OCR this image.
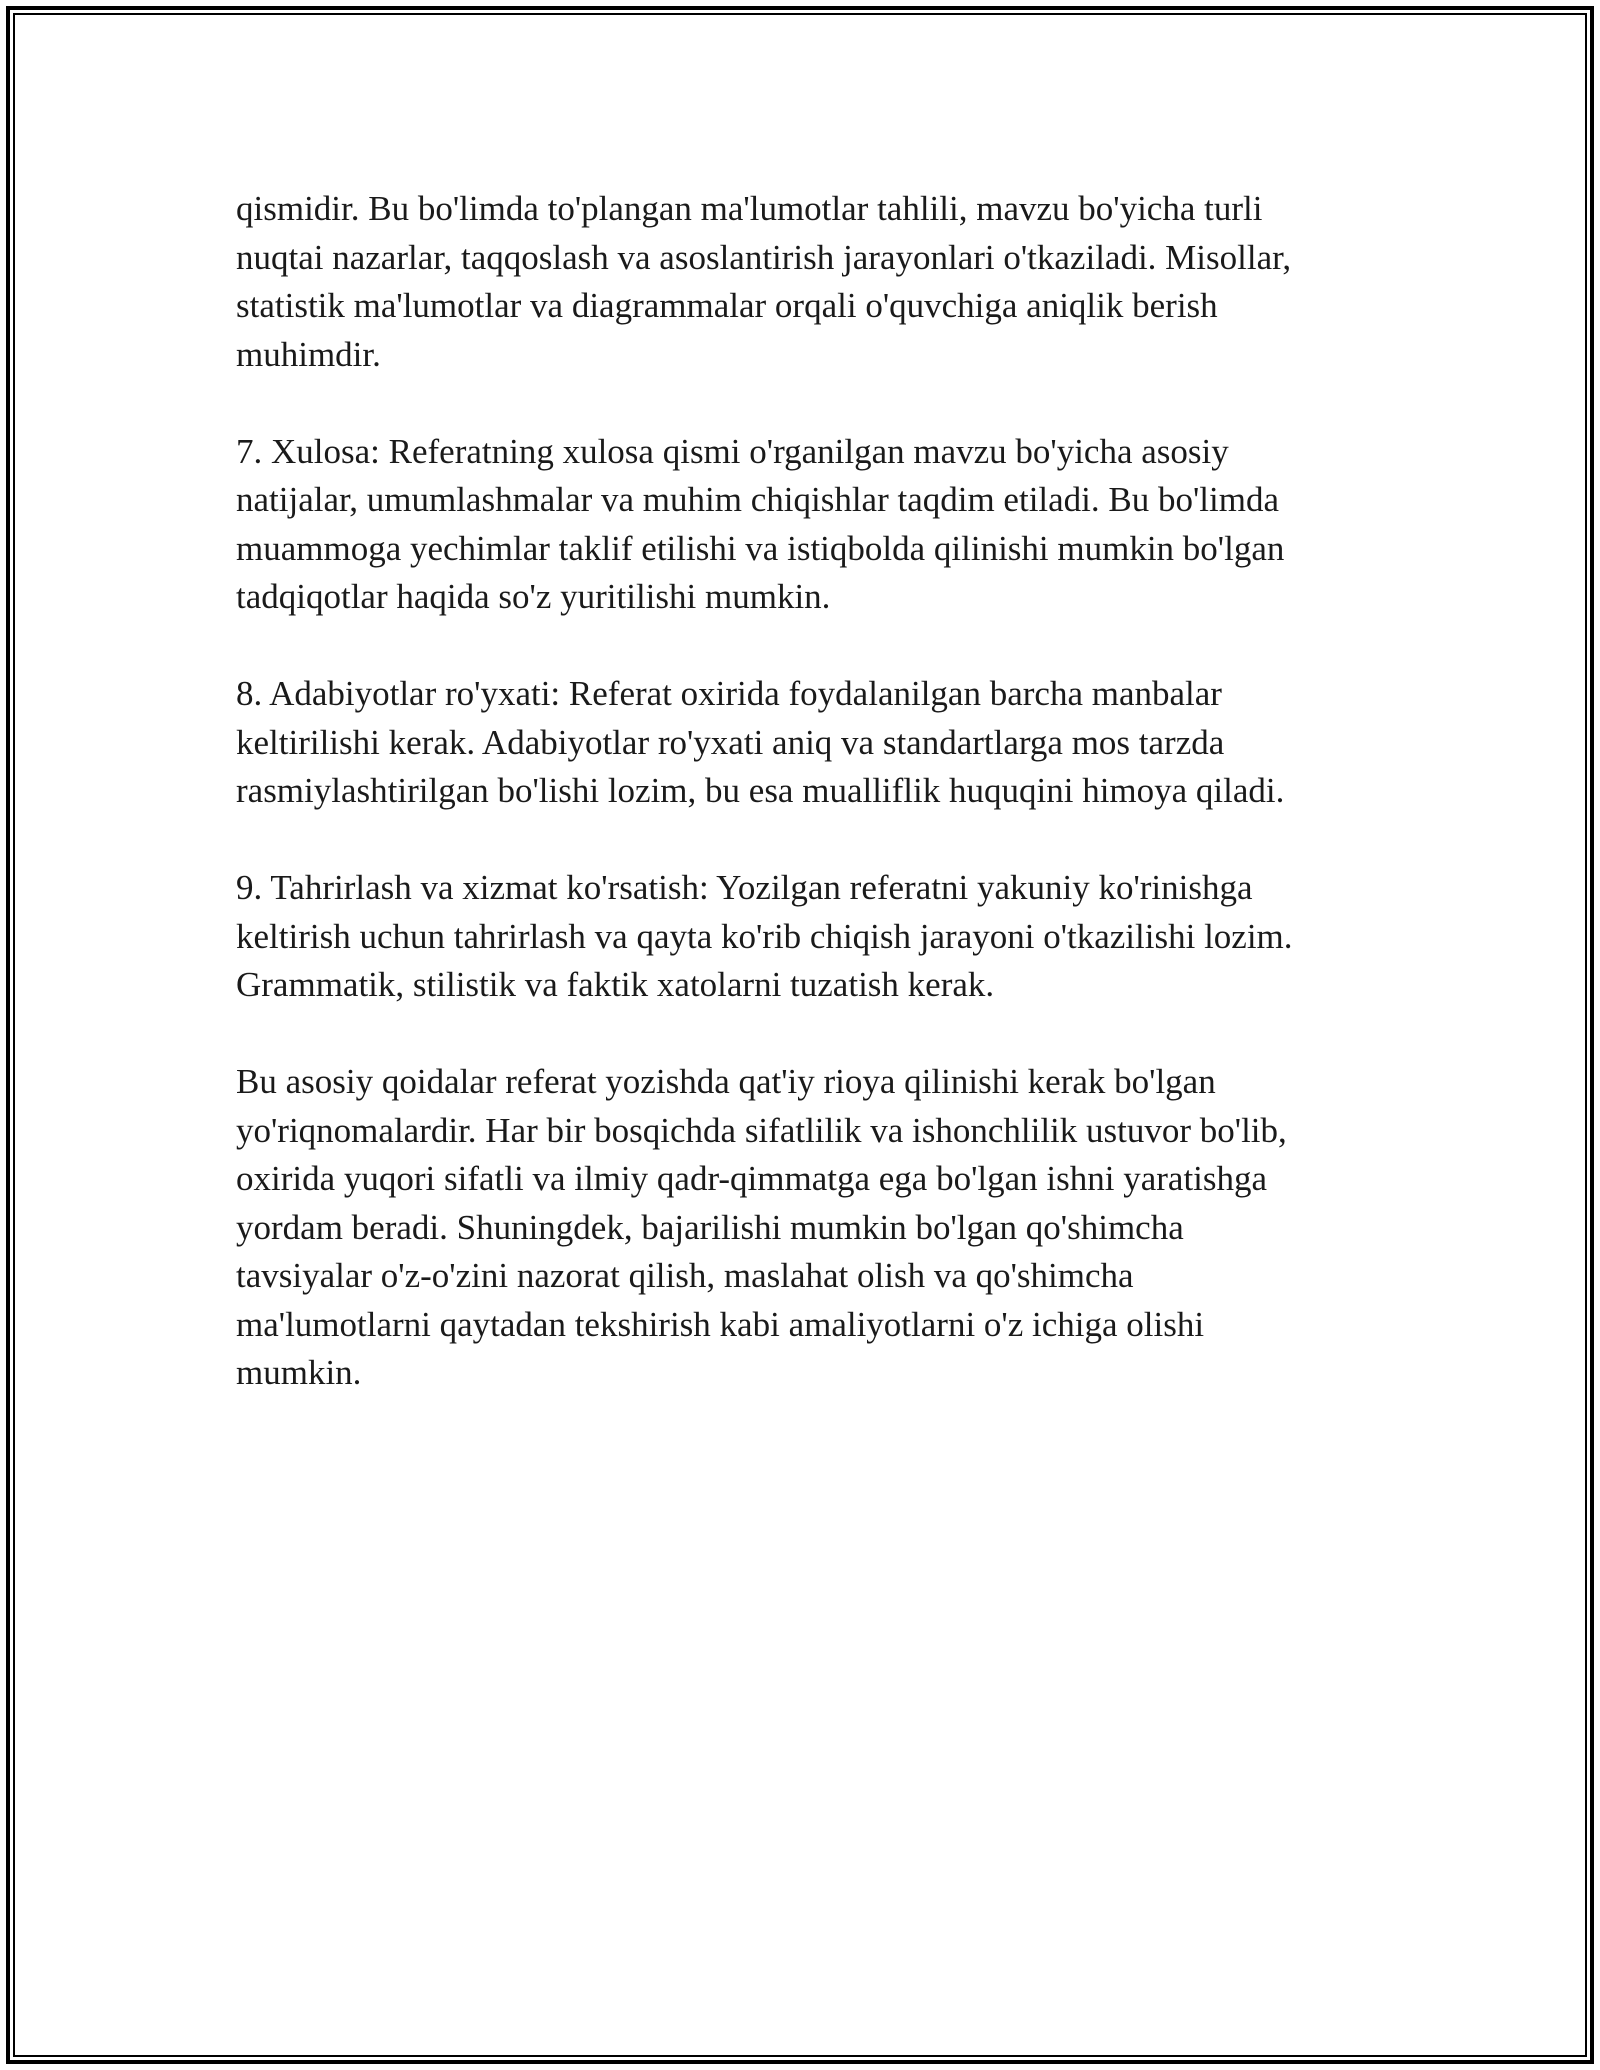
qismidir. Bu bo'limda to'plangan ma'lumotlar tahlili, mavzu bo'yicha turli
nuqtai nazarlar, taqqoslash va asoslantirish jarayonlari o'tkaziladi. Misollar,
statistik ma'lumotlar va diagrammalar orqali o'quvchiga aniqlik berish
muhimdir.

7. Xulosa: Referatning xulosa qismi o'rganilgan mavzu bo'yicha asosiy
natijalar, umumlashmalar va muhim chiqishlar taqdim etiladi. Bu bo'limda
muammoga yechimlar taklif etilishi va istiqbolda qilinishi mumkin bo'lgan
tadqiqotlar haqida so'z yuritilishi mumkin.

8. Adabiyotlar ro'yxati: Referat oxirida foydalanilgan barcha manbalar
keltirilishi kerak. Adabiyotlar ro'yxati aniq va standartlarga mos tarzda
rasmiylashtirilgan bo'lishi lozim, bu esa mualliflik huquqini himoya qiladi.

9. Tahrirlash va xizmat ko'rsatish: Yozilgan referatni yakuniy ko'rinishga
keltirish uchun tahrirlash va qayta ko'rib chiqish jarayoni o'tkazilishi lozim.
Grammatik, stilistik va faktik xatolarni tuzatish kerak.

Bu asosiy qoidalar referat yozishda qat'iy rioya qilinishi kerak bo'lgan
yo'riqnomalardir. Har bir bosqichda sifatlilik va ishonchlilik ustuvor bo'lib,
oxirida yuqori sifatli va ilmiy qadr-qimmatga ega bo'lgan ishni yaratishga
yordam beradi. Shuningdek, bajarilishi mumkin bo'lgan qo'shimcha
tavsiyalar o'z-o'zini nazorat qilish, maslahat olish va qo'shimcha
ma'lumotlarni qaytadan tekshirish kabi amaliyotlarni o'z ichiga olishi
mumkin.
